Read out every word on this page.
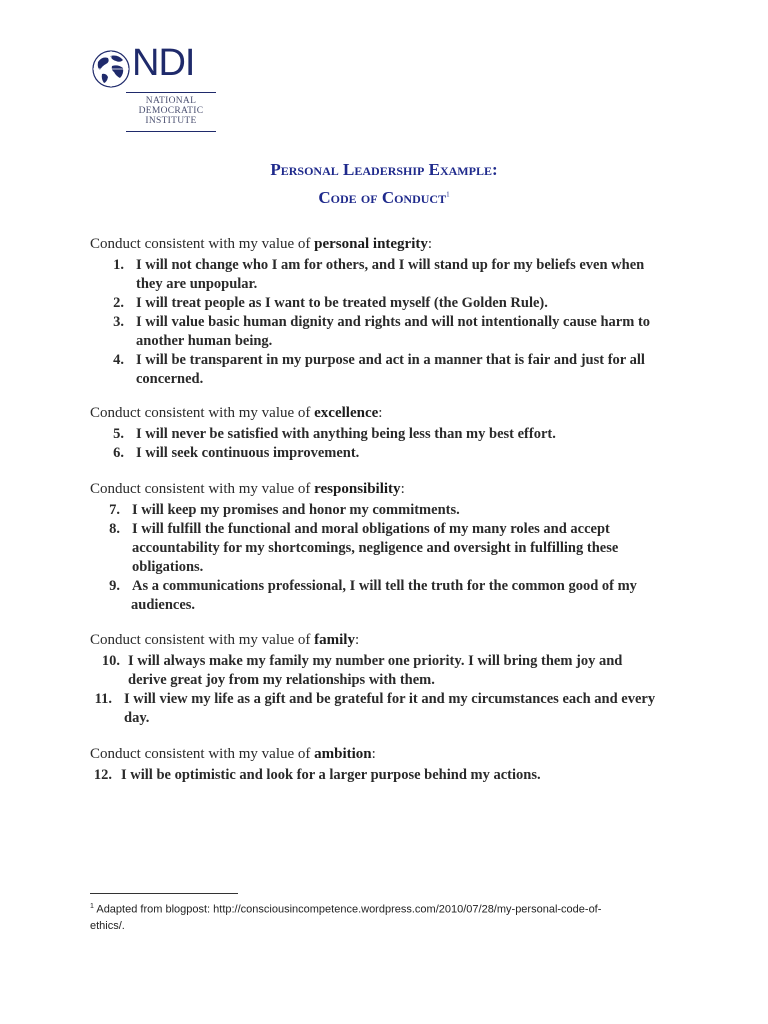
NDI
NATIONAL
DEMOCRATIC
INSTITUTE
Personal Leadership Example:
Code of Conduct$^1$
Conduct consistent with my value of personal integrity:
1. I will not change who I am for others, and I will stand up for my beliefs even when
they are unpopular.
2. I will treat people as I want to be treated myself (the Golden Rule).
3. I will value basic human dignity and rights and will not intentionally cause harm to
another human being.
4. I will be transparent in my purpose and act in a manner that is fair and just for all
concerned.
Conduct consistent with my value of excellence:
5. I will never be satisfied with anything being less than my best effort.
6. I will seek continuous improvement.
Conduct consistent with my value of responsibility:
7. I will keep my promises and honor my commitments.
8. I will fulfill the functional and moral obligations of my many roles and accept
accountability for my shortcomings, negligence and oversight in fulfilling these
obligations.
9. As a communications professional, I will tell the truth for the common good of my
audiences.
Conduct consistent with my value of family:
10. I will always make my family my number one priority. I will bring them joy and
derive great joy from my relationships with them.
11. I will view my life as a gift and be grateful for it and my circumstances each and every
day.
Conduct consistent with my value of ambition:
12. I will be optimistic and look for a larger purpose behind my actions.
$^1$ Adapted from blogpost: http://consciousincompetence.wordpress.com/2010/07/28/my-personal-code-of-
ethics/.
